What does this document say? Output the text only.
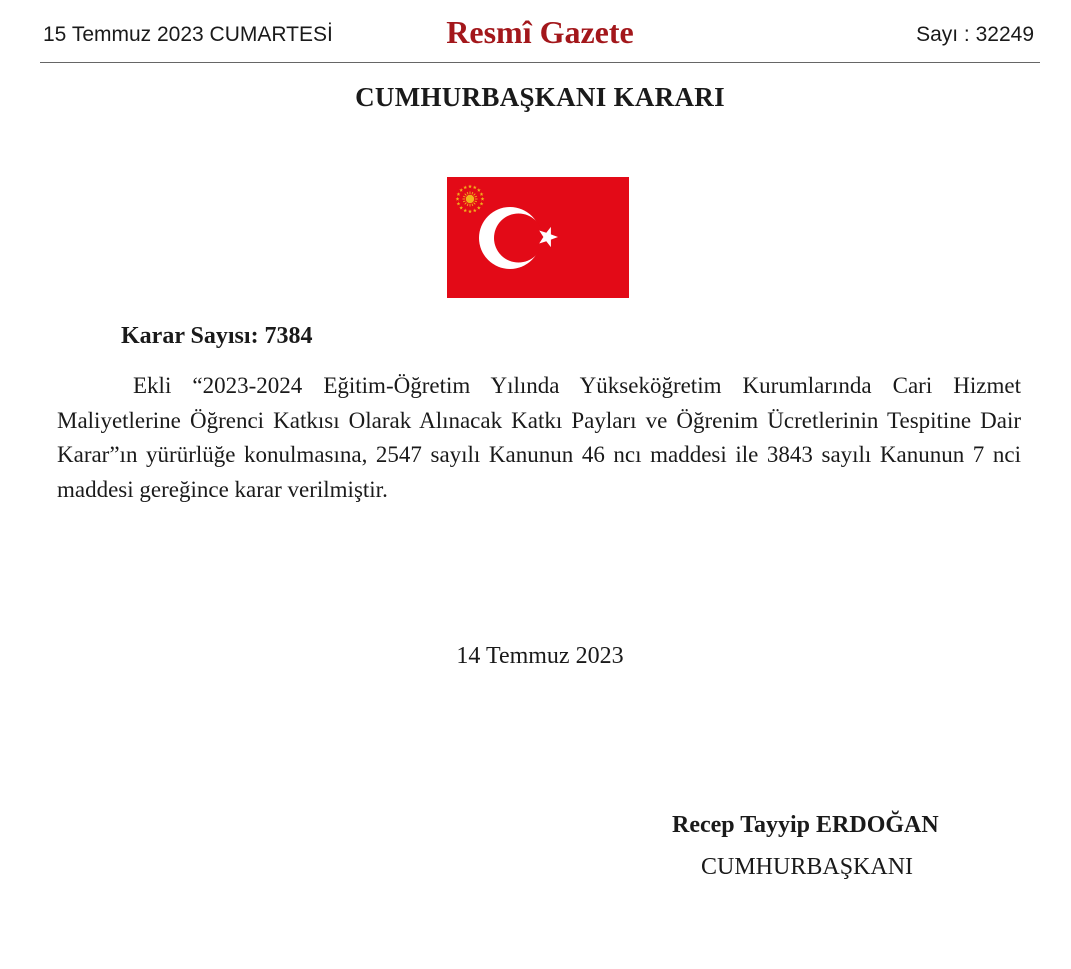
15 Temmuz 2023 CUMARTESİ	Resmî Gazete	Sayı : 32249
CUMHURBAŞKANI KARARI
Karar Sayısı: 7384

Ekli “2023-2024 Eğitim-Öğretim Yılında Yükseköğretim Kurumlarında Cari Hizmet Maliyetlerine Öğrenci Katkısı Olarak Alınacak Katkı Payları ve Öğrenim Ücretlerinin Tespitine Dair Karar”ın yürürlüğe konulmasına, 2547 sayılı Kanunun 46 ncı maddesi ile 3843 sayılı Kanunun 7 nci maddesi gereğince karar verilmiştir.

14 Temmuz 2023
Recep Tayyip ERDOĞAN
CUMHURBAŞKANI
